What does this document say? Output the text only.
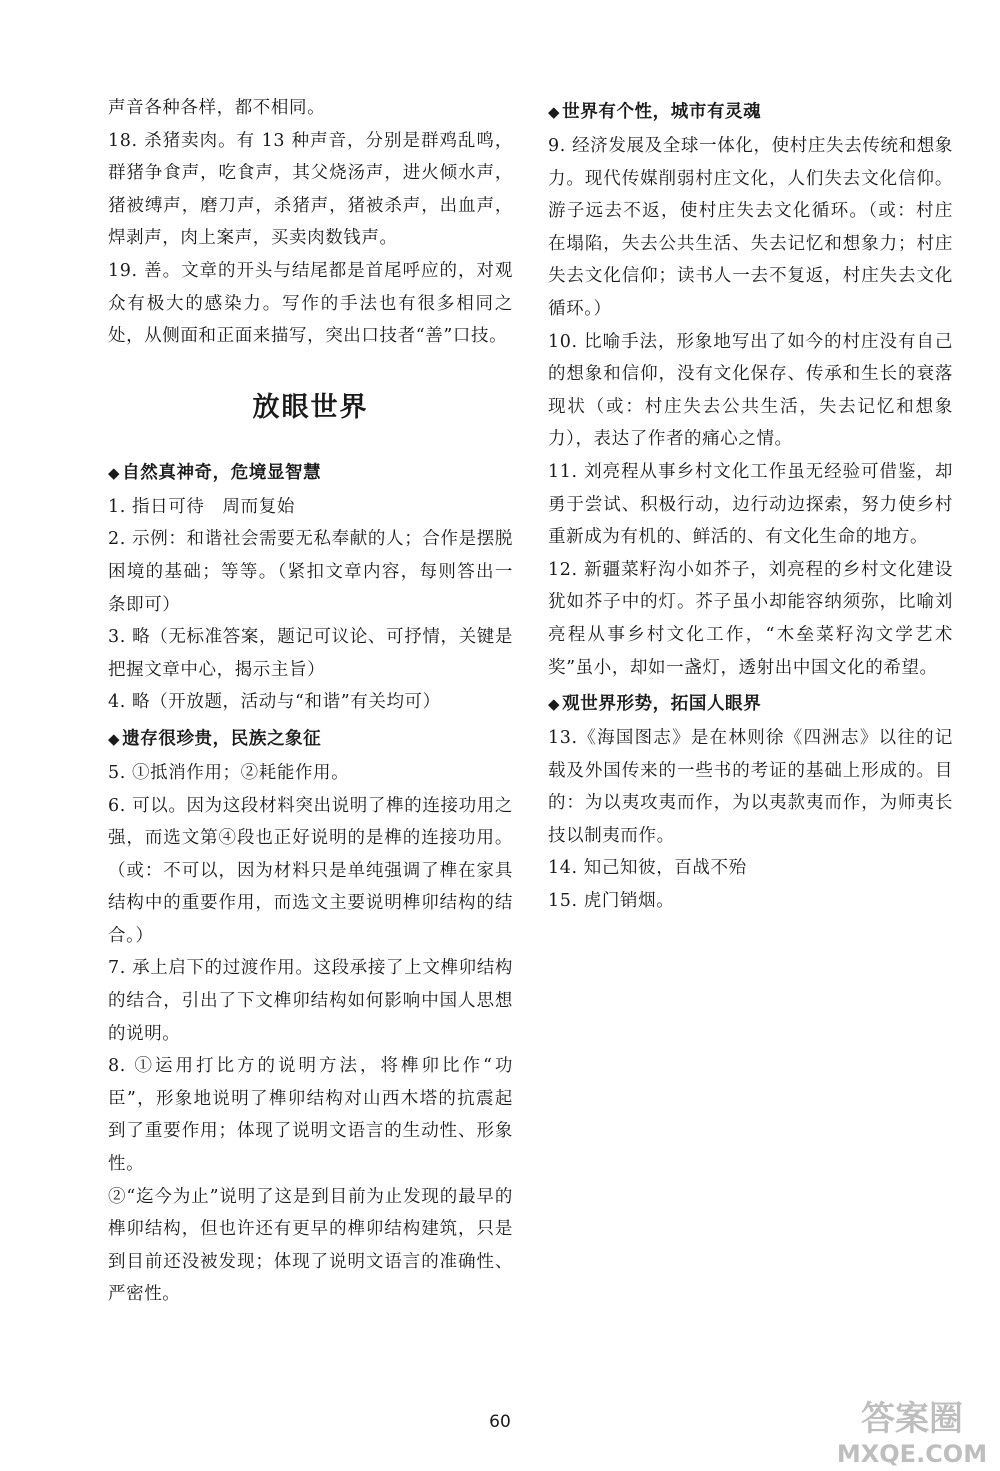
声音各种各样，都不相同。

18. 杀猪卖肉。有 13 种声音，分别是群鸡乱鸣，群猪争食声，吃食声，其父烧汤声，进火倾水声，猪被缚声，磨刀声，杀猪声，猪被杀声，出血声，焊剥声，肉上案声，买卖肉数钱声。

19. 善。文章的开头与结尾都是首尾呼应的，对观众有极大的感染力。写作的手法也有很多相同之处，从侧面和正面来描写，突出口技者“善”口技。

放眼世界
◆ 自然真神奇，危境显智慧

1. 指日可待　周而复始

2. 示例：和谐社会需要无私奉献的人；合作是摆脱困境的基础；等等。（紧扣文章内容，每则答出一条即可）

3. 略（无标准答案，题记可议论、可抒情，关键是把握文章中心，揭示主旨）

4. 略（开放题，活动与“和谐”有关均可）

◆ 遗存很珍贵，民族之象征

5. ①抵消作用；②耗能作用。

6. 可以。因为这段材料突出说明了榫的连接功用之强，而选文第④段也正好说明的是榫的连接功用。（或：不可以，因为材料只是单纯强调了榫在家具结构中的重要作用，而选文主要说明榫卯结构的结合。）

7. 承上启下的过渡作用。这段承接了上文榫卯结构的结合，引出了下文榫卯结构如何影响中国人思想的说明。

8. ①运用打比方的说明方法，将榫卯比作“功臣”，形象地说明了榫卯结构对山西木塔的抗震起到了重要作用；体现了说明文语言的生动性、形象性。

②“迄今为止”说明了这是到目前为止发现的最早的榫卯结构，但也许还有更早的榫卯结构建筑，只是到目前还没被发现；体现了说明文语言的准确性、严密性。

◆ 世界有个性，城市有灵魂

9. 经济发展及全球一体化，使村庄失去传统和想象力。现代传媒削弱村庄文化，人们失去文化信仰。游子远去不返，使村庄失去文化循环。（或：村庄在塌陷，失去公共生活、失去记忆和想象力；村庄失去文化信仰；读书人一去不复返，村庄失去文化循环。）

10. 比喻手法，形象地写出了如今的村庄没有自己的想象和信仰，没有文化保存、传承和生长的衰落现状（或：村庄失去公共生活，失去记忆和想象力），表达了作者的痛心之情。

11. 刘亮程从事乡村文化工作虽无经验可借鉴，却勇于尝试、积极行动，边行动边探索，努力使乡村重新成为有机的、鲜活的、有文化生命的地方。

12. 新疆菜籽沟小如芥子，刘亮程的乡村文化建设犹如芥子中的灯。芥子虽小却能容纳须弥，比喻刘亮程从事乡村文化工作，“木垒菜籽沟文学艺术奖”虽小，却如一盏灯，透射出中国文化的希望。

◆ 观世界形势，拓国人眼界

13.《海国图志》是在林则徐《四洲志》以往的记载及外国传来的一些书的考证的基础上形成的。目的：为以夷攻夷而作，为以夷款夷而作，为师夷长技以制夷而作。

14. 知己知彼，百战不殆

15. 虎门销烟。

60	答案圈
MXQE.COM
